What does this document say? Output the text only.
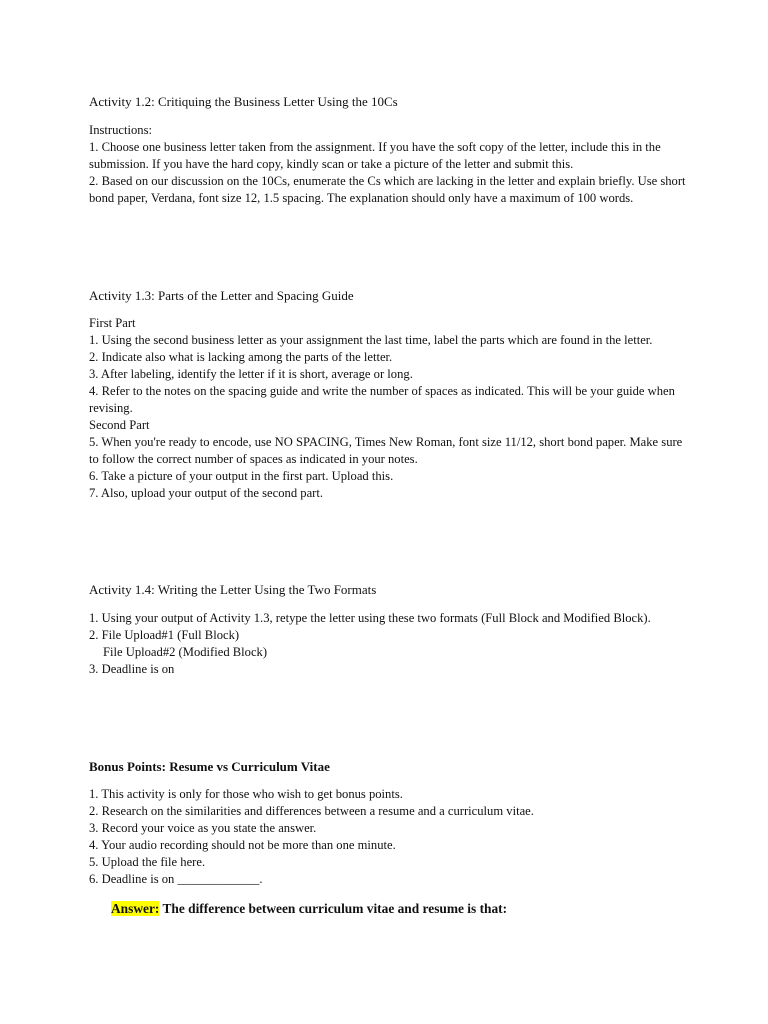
Activity 1.2: Critiquing the Business Letter Using the 10Cs

Instructions:

1. Choose one business letter taken from the assignment. If you have the soft copy of the letter, include this in the submission. If you have the hard copy, kindly scan or take a picture of the letter and submit this.

2. Based on our discussion on the 10Cs, enumerate the Cs which are lacking in the letter and explain briefly. Use short bond paper, Verdana, font size 12, 1.5 spacing. The explanation should only have a maximum of 100 words.

Activity 1.3: Parts of the Letter and Spacing Guide

First Part

1. Using the second business letter as your assignment the last time, label the parts which are found in the letter.

2. Indicate also what is lacking among the parts of the letter.

3. After labeling, identify the letter if it is short, average or long.

4. Refer to the notes on the spacing guide and write the number of spaces as indicated. This will be your guide when revising.

Second Part

5. When you're ready to encode, use NO SPACING, Times New Roman, font size 11/12, short bond paper. Make sure to follow the correct number of spaces as indicated in your notes.

6. Take a picture of your output in the first part. Upload this.

7. Also, upload your output of the second part.

Activity 1.4: Writing the Letter Using the Two Formats

1. Using your output of Activity 1.3, retype the letter using these two formats (Full Block and Modified Block).

2. File Upload#1 (Full Block)

File Upload#2 (Modified Block)

3. Deadline is on

Bonus Points: Resume vs Curriculum Vitae

1. This activity is only for those who wish to get bonus points.

2. Research on the similarities and differences between a resume and a curriculum vitae.

3. Record your voice as you state the answer.

4. Your audio recording should not be more than one minute.

5. Upload the file here.

6. Deadline is on _____________.

Answer: The difference between curriculum vitae and resume is that:
